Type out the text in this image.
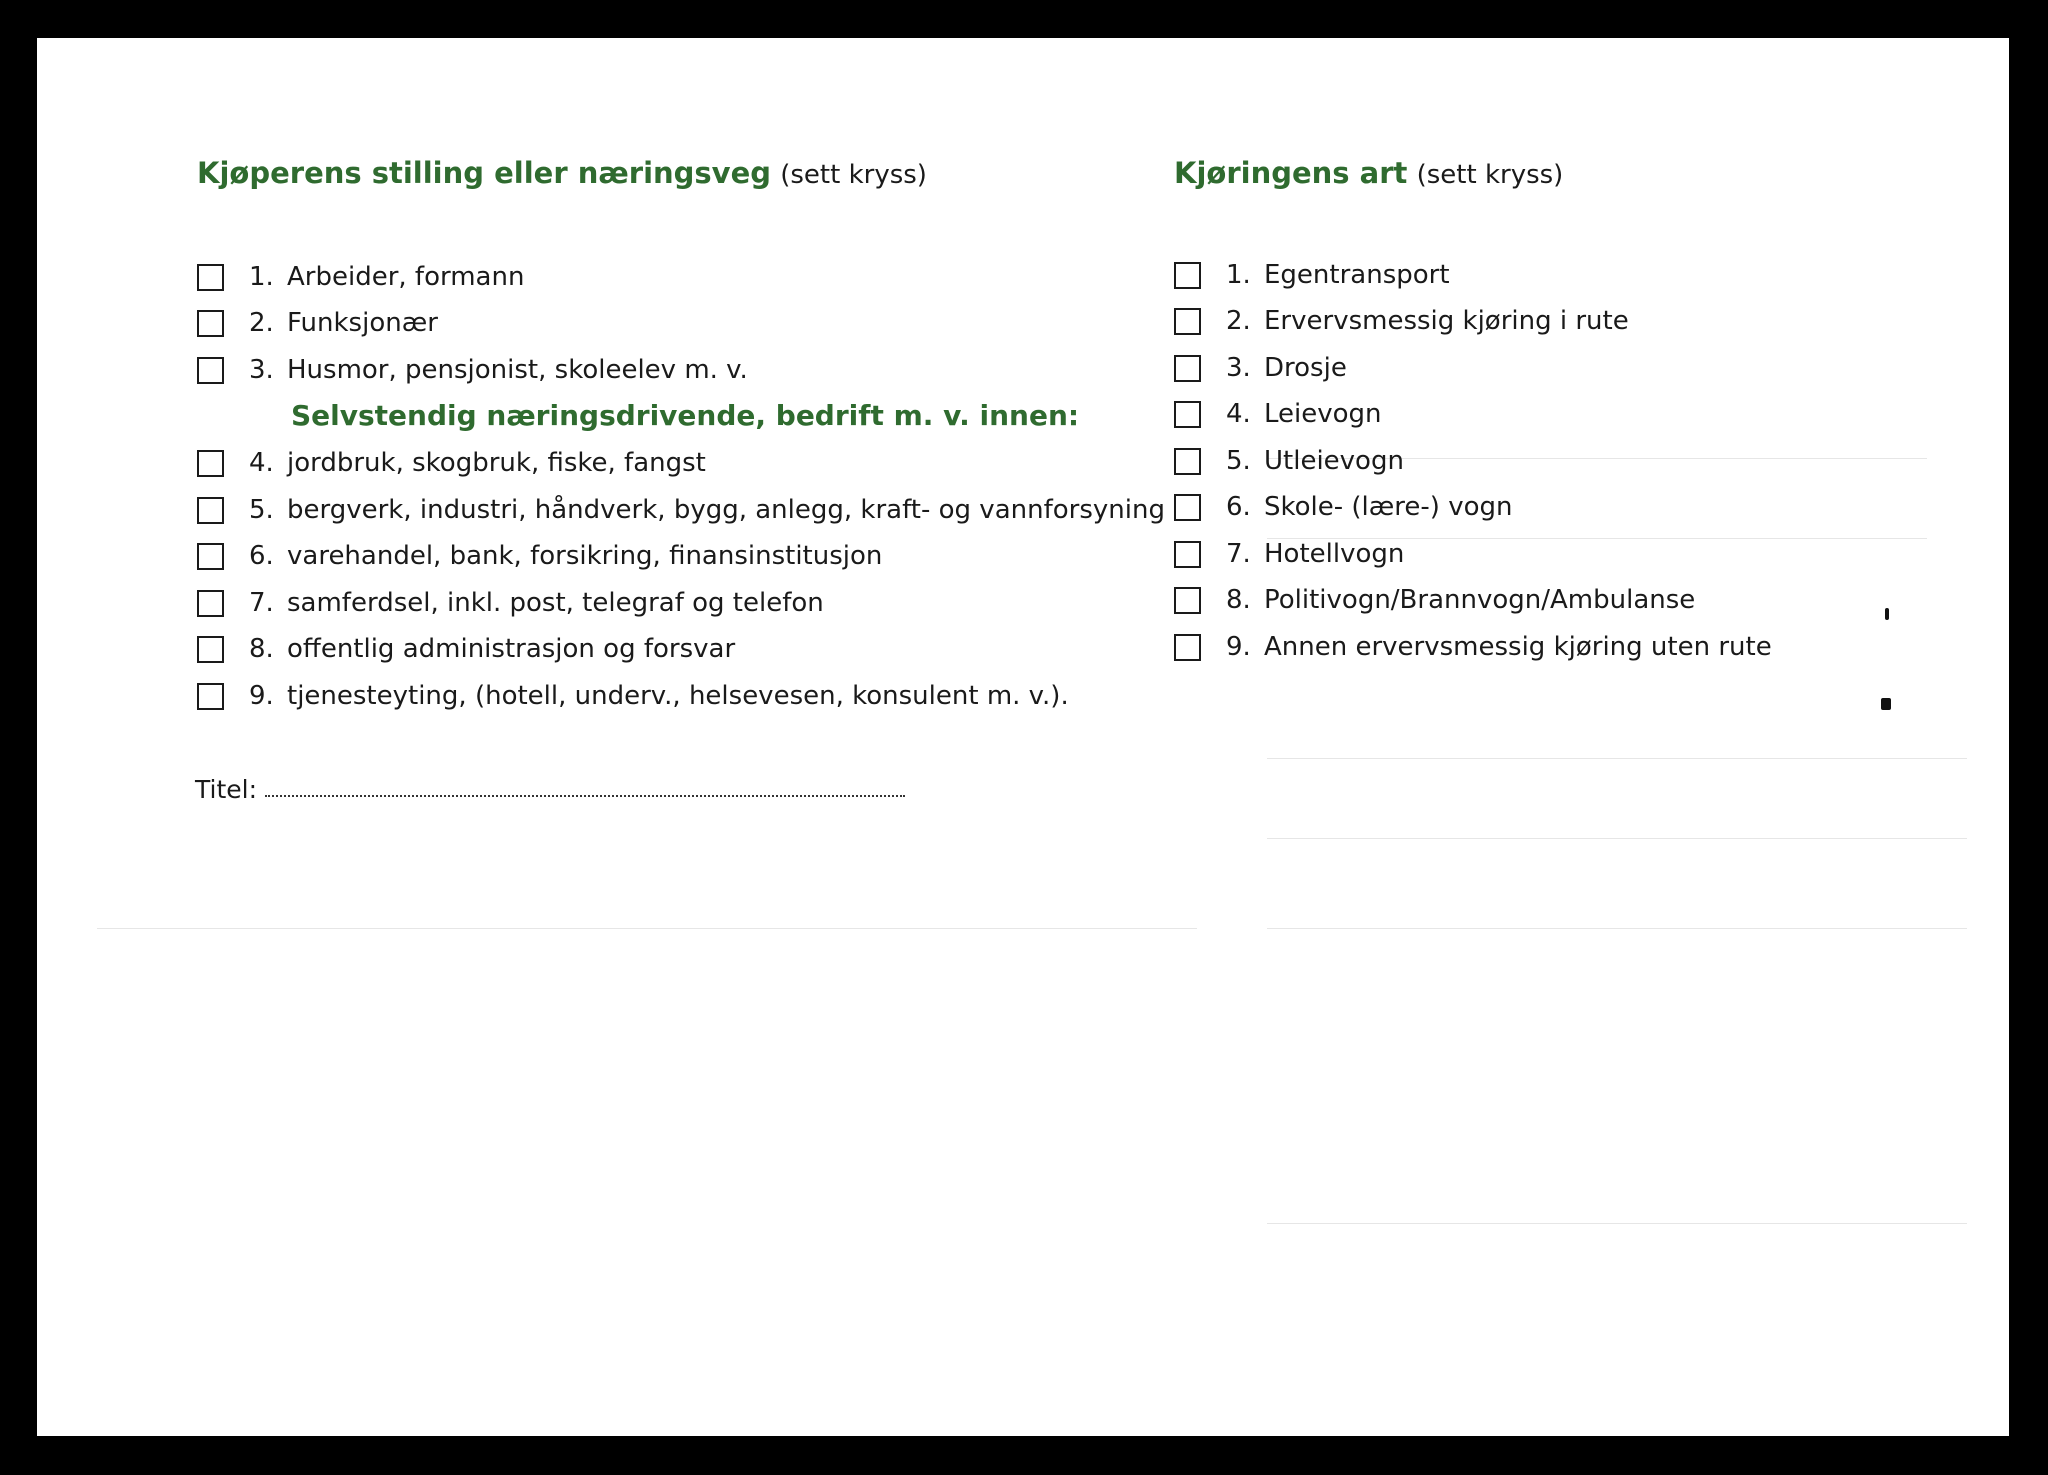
Kjøperens stilling eller næringsveg (sett kryss)
1. Arbeider, formann
2. Funksjonær
3. Husmor, pensjonist, skoleelev m. v.
Selvstendig næringsdrivende, bedrift m. v. innen:
4. jordbruk, skogbruk, fiske, fangst
5. bergverk, industri, håndverk, bygg, anlegg, kraft- og vannforsyning
6. varehandel, bank, forsikring, finansinstitusjon
7. samferdsel, inkl. post, telegraf og telefon
8. offentlig administrasjon og forsvar
9. tjenesteyting, (hotell, underv., helsevesen, konsulent m. v.).
Kjøringens art (sett kryss)
1. Egentransport
2. Ervervsmessig kjøring i rute
3. Drosje
4. Leievogn
5. Utleievogn
6. Skole- (lære-) vogn
7. Hotellvogn
8. Politivogn/Brannvogn/Ambulanse
9. Annen ervervsmessig kjøring uten rute
Titel:
